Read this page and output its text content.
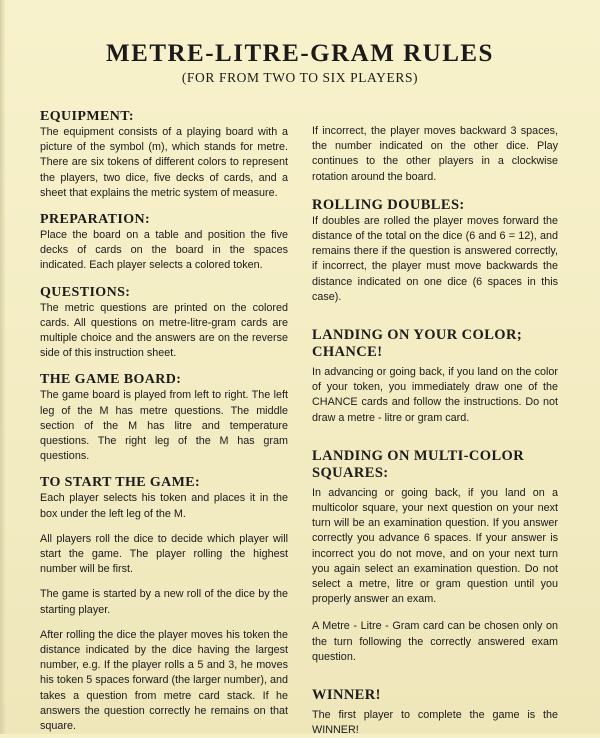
METRE-LITRE-GRAM RULES
(FOR FROM TWO TO SIX PLAYERS)
EQUIPMENT:

The equipment consists of a playing board with a picture of the symbol (m), which stands for metre. There are six tokens of different colors to represent the players, two dice, five decks of cards, and a sheet that explains the metric system of measure.

PREPARATION:

Place the board on a table and position the five decks of cards on the board in the spaces indicated. Each player selects a colored token.

QUESTIONS:

The metric questions are printed on the colored cards. All questions on metre-litre-gram cards are multiple choice and the answers are on the reverse side of this instruction sheet.

THE GAME BOARD:

The game board is played from left to right. The left leg of the M has metre questions. The middle section of the M has litre and temperature questions. The right leg of the M has gram questions.

TO START THE GAME:

Each player selects his token and places it in the box under the left leg of the M.

All players roll the dice to decide which player will start the game. The player rolling the highest number will be first.

The game is started by a new roll of the dice by the starting player.

After rolling the dice the player moves his token the distance indicated by the dice having the largest number, e.g. If the player rolls a 5 and 3, he moves his token 5 spaces forward (the larger number), and takes a question from metre card stack. If he answers the question correctly he remains on that square.

If incorrect, the player moves backward 3 spaces, the number indicated on the other dice. Play continues to the other players in a clockwise rotation around the board.

ROLLING DOUBLES:

If doubles are rolled the player moves forward the distance of the total on the dice (6 and 6 = 12), and remains there if the question is answered correctly, if incorrect, the player must move backwards the distance indicated on one dice (6 spaces in this case).

LANDING ON YOUR COLOR; CHANCE!

In advancing or going back, if you land on the color of your token, you immediately draw one of the CHANCE cards and follow the instructions. Do not draw a metre - litre or gram card.

LANDING ON MULTI-COLOR SQUARES:

In advancing or going back, if you land on a multicolor square, your next question on your next turn will be an examination question. If you answer correctly you advance 6 spaces. If your answer is incorrect you do not move, and on your next turn you again select an examination question. Do not select a metre, litre or gram question until you properly answer an exam.

A Metre - Litre - Gram card can be chosen only on the turn following the correctly answered exam question.

WINNER!

The first player to complete the game is the WINNER!
